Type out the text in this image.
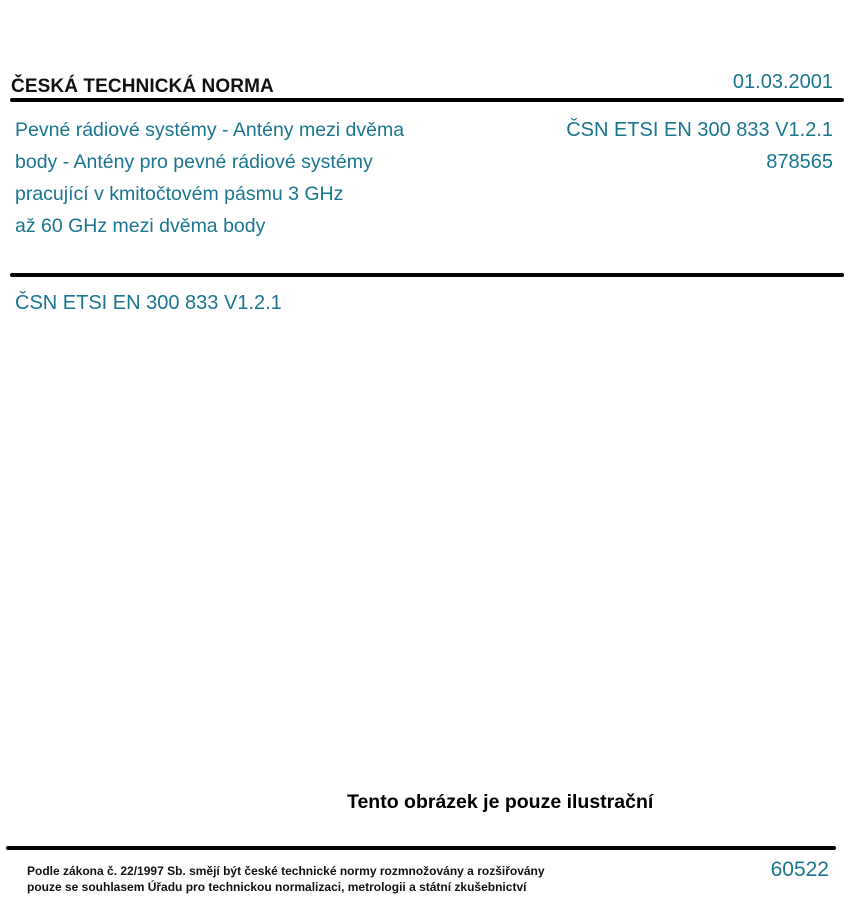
ČESKÁ TECHNICKÁ NORMA	01.03.2001
Pevné rádiové systémy - Antény mezi dvěma
body - Antény pro pevné rádiové systémy
pracující v kmitočtovém pásmu 3 GHz
až 60 GHz mezi dvěma body
ČSN ETSI EN 300 833 V1.2.1
878565
ČSN ETSI EN 300 833 V1.2.1
Tento obrázek je pouze ilustrační
Podle zákona č. 22/1997 Sb. smějí být české technické normy rozmnožovány a rozšiřovány
pouze se souhlasem Úřadu pro technickou normalizaci, metrologii a státní zkušebnictví
60522
